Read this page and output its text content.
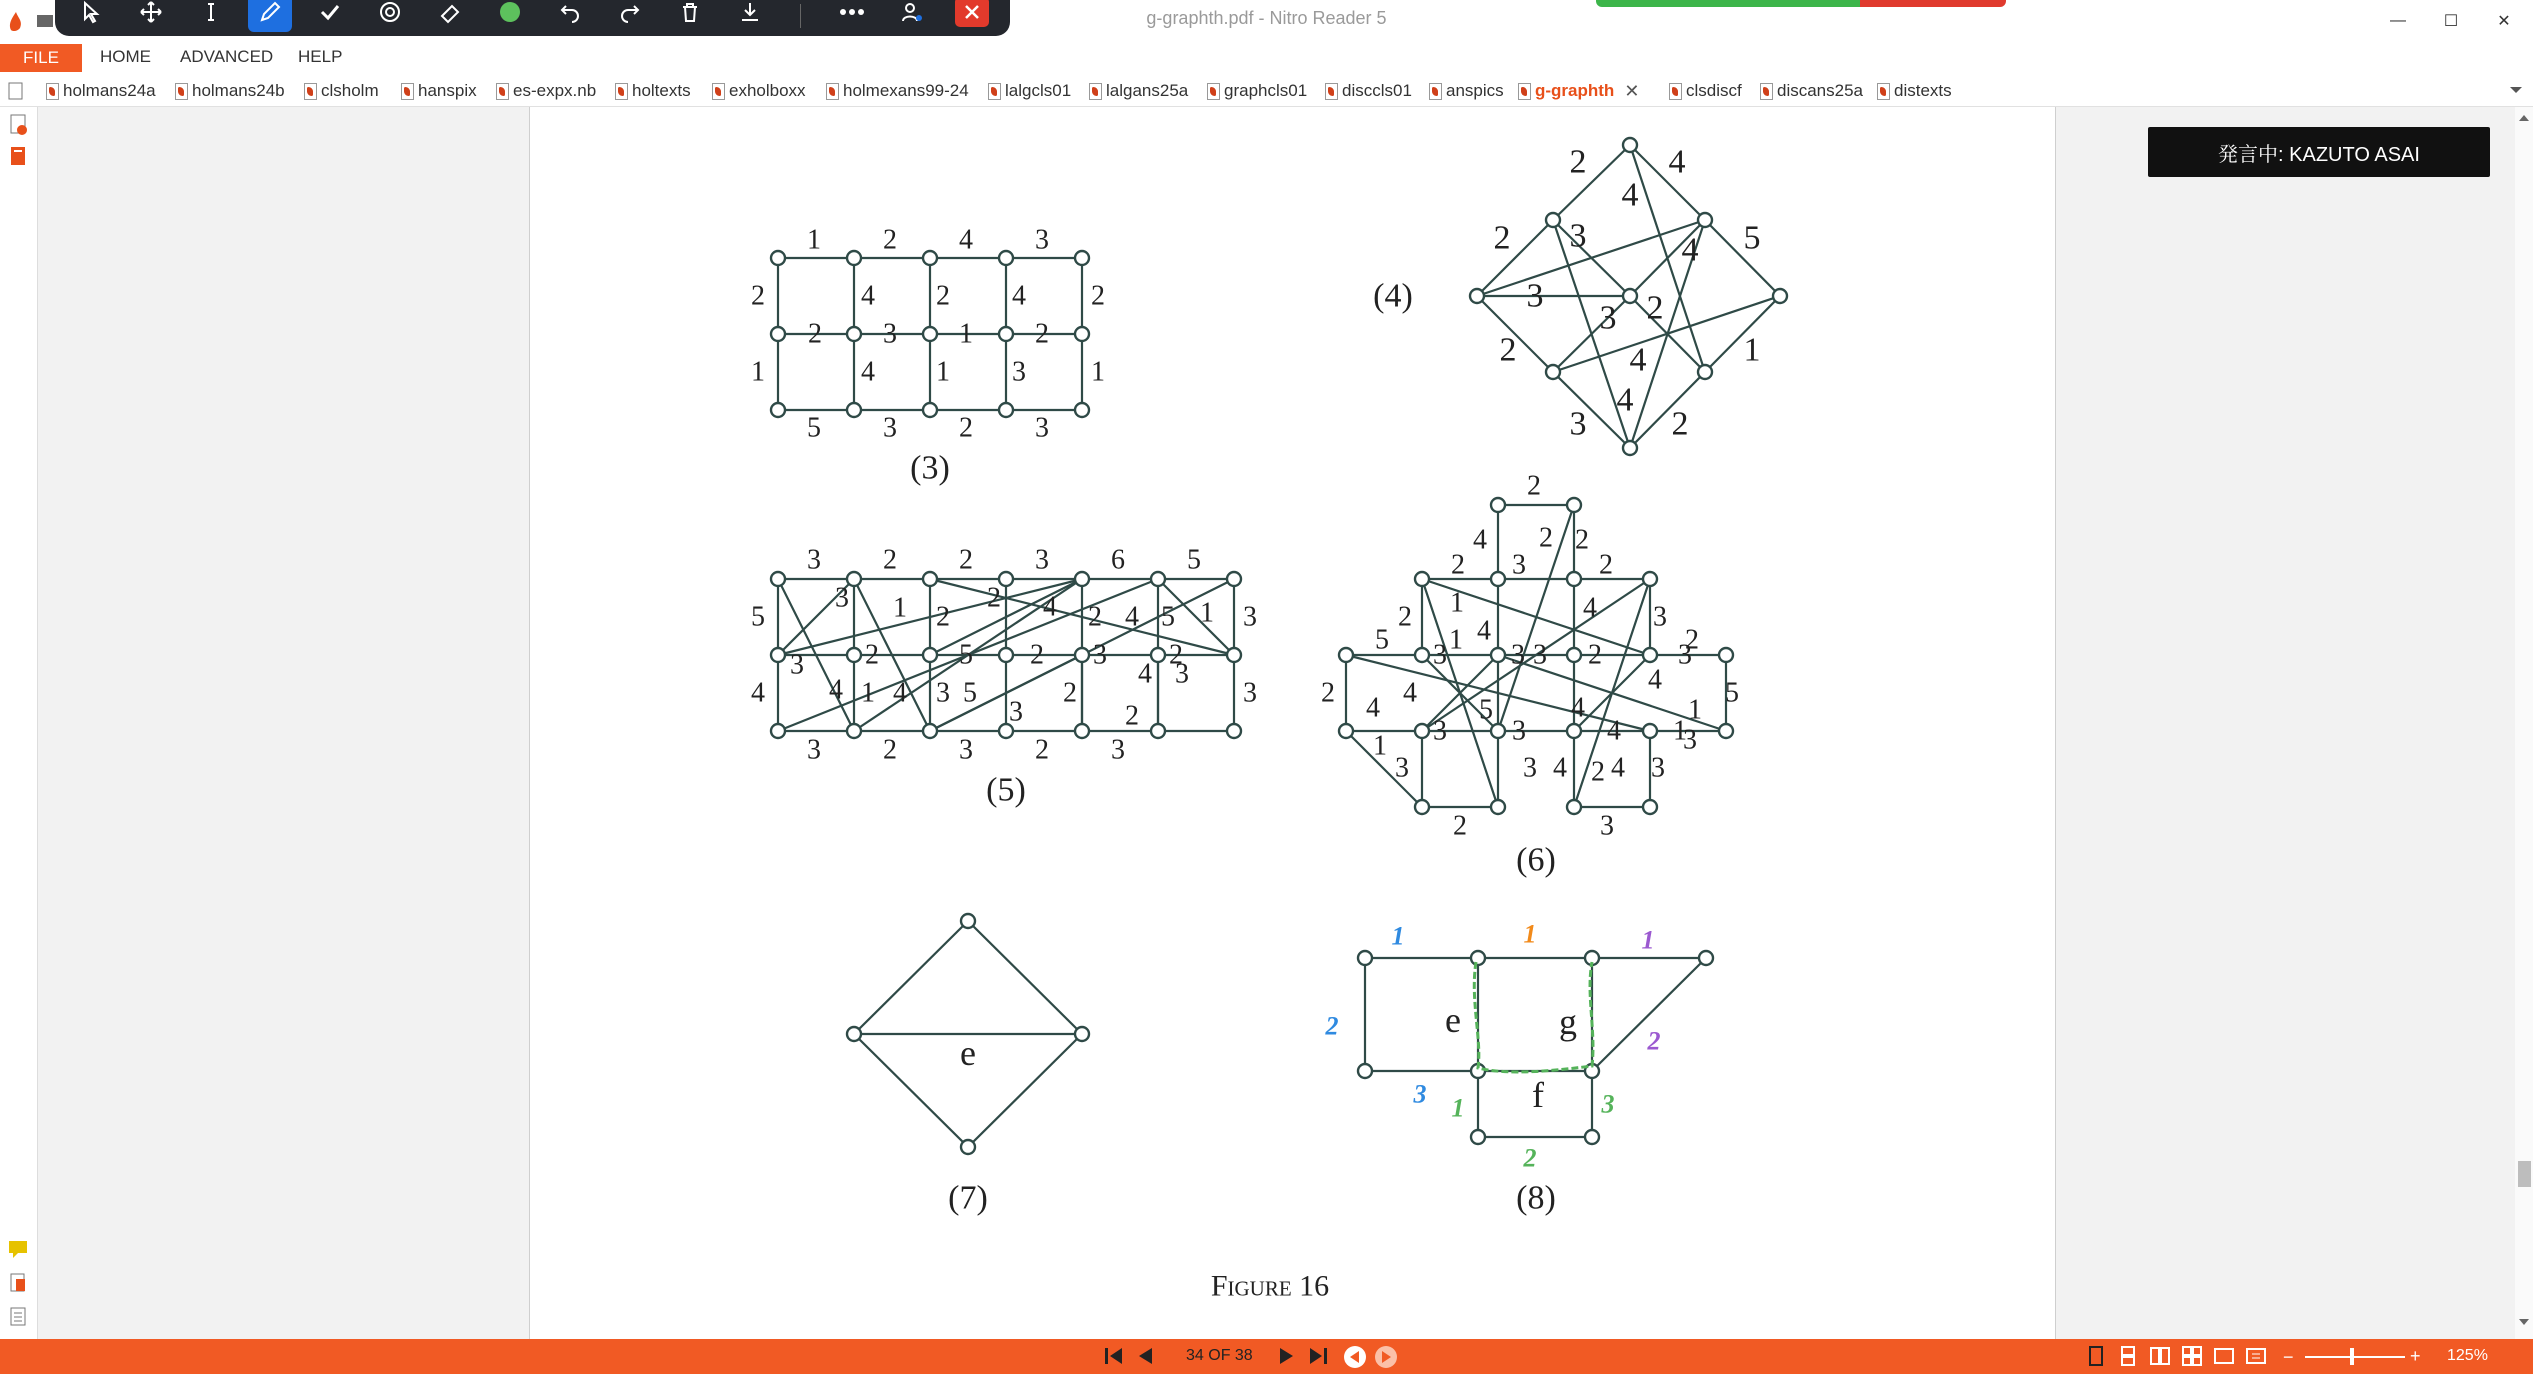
g-graphth.pdf - Nitro Reader 5	— ☐ ✕
FILE	HOME ADVANCED HELP
holmans24a holmans24b clsholm hanspix es-expx.nb holtexts exholboxx holmexans99-24 lalgcls01 lalgans25a graphcls01 disccls01 anspics g-graphth ✕	clsdiscf discans25a distexts
発言中: KAZUTO ASAI
1 2 4 3
2	4 2 4 2
2 3 1 2
1	4 1 3 1
5 3 2 3
2 4
2 3
4
5
4
3
3 2
4
2	1
4
3	2
3 2 2 3 6 5
5
3 1 2
2 4 2 4 5 1 3
3 2	5 2 3 2
4 3
4 4 1 4 3 5
3
2
2
3
3 2 3 2 3
2
4 2 2
2 3	2
1
2	4 3
5	4
3 2
3 1	2
4
5
3
4
3
5
1
2 4
3 3
3 4	3
1
4
4
1
3
3
2 4
2	3
e
e	g
f
1
2
3
1	1
2
1	3
2
(3)
(4)
(5)
(6)
(7)	(8)
Figure 16
34 OF 38	−	+ 125%
